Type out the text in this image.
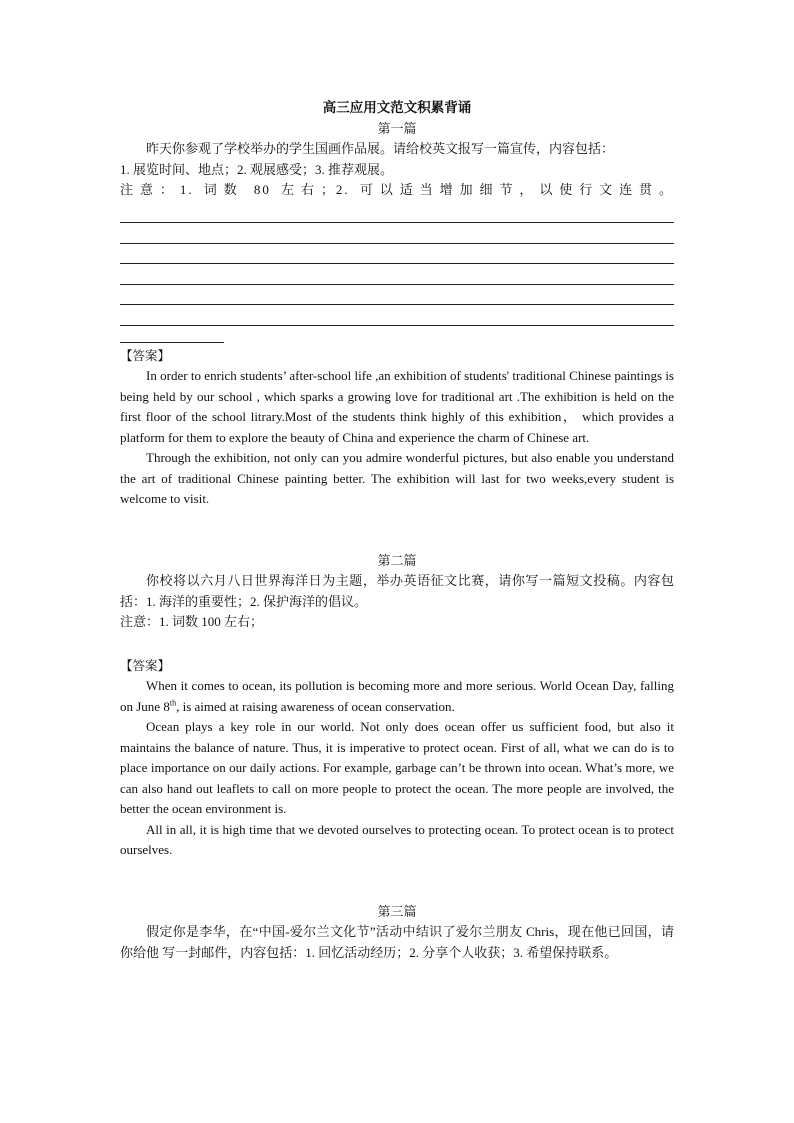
高三应用文范文积累背诵
第一篇

昨天你参观了学校举办的学生国画作品展。请给校英文报写一篇宣传，内容包括：

1. 展览时间、地点；2. 观展感受；3. 推荐观展。

注意：1. 词数 80 左右；2. 可以适当增加细节，以使行文连贯。

【答案】

In order to enrich students’ after-school life ,an exhibition of students' traditional Chinese paintings is being held by our school , which sparks a growing love for traditional art .The exhibition is held on the first floor of the school litrary.Most of the students think highly of this exhibition， which provides a platform for them to explore the beauty of China and experience the charm of Chinese art.

Through the exhibition, not only can you admire wonderful pictures, but also enable you understand the art of traditional Chinese painting better. The exhibition will last for two weeks,every student is welcome to visit.

第二篇

你校将以六月八日世界海洋日为主题，举办英语征文比赛，请你写一篇短文投稿。内容包括：1. 海洋的重要性；2. 保护海洋的倡议。

注意：1. 词数 100 左右；

【答案】

When it comes to ocean, its pollution is becoming more and more serious. World Ocean Day, falling on June 8th, is aimed at raising awareness of ocean conservation.

Ocean plays a key role in our world. Not only does ocean offer us sufficient food, but also it maintains the balance of nature. Thus, it is imperative to protect ocean. First of all, what we can do is to place importance on our daily actions. For example, garbage can’t be thrown into ocean. What’s more, we can also hand out leaflets to call on more people to protect the ocean. The more people are involved, the better the ocean environment is.

All in all, it is high time that we devoted ourselves to protecting ocean. To protect ocean is to protect ourselves.

第三篇

假定你是李华，在“中国-爱尔兰文化节”活动中结识了爱尔兰朋友 Chris，现在他已回国，请你给他 写一封邮件，内容包括：1. 回忆活动经历；2. 分享个人收获；3. 希望保持联系。
